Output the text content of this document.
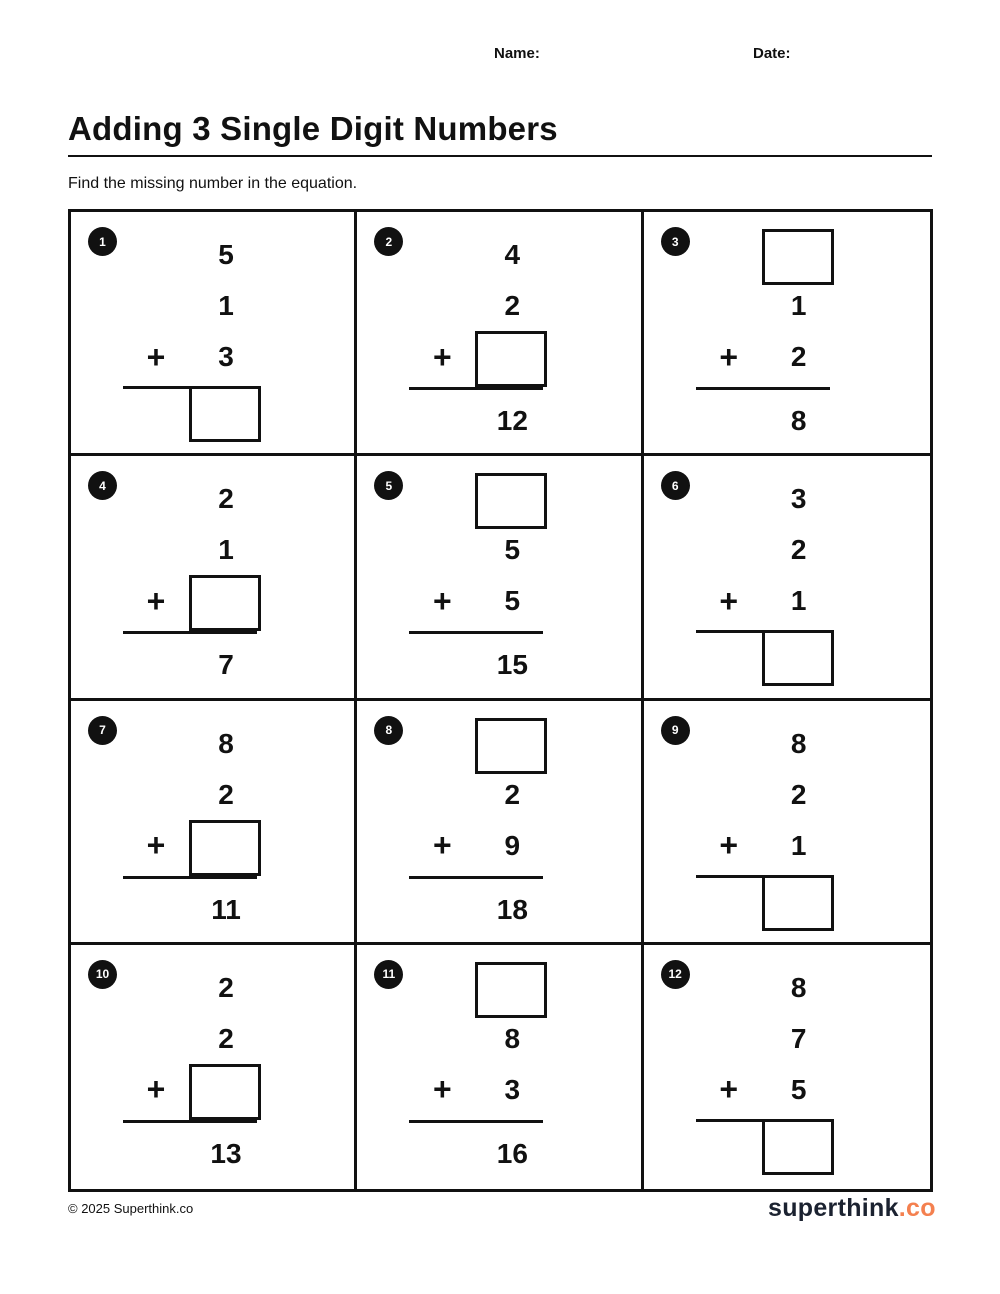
Name:	Date:
Adding 3 Single Digit Numbers
Find the missing number in the equation.
1	5
1
3
+
2	4
2
12
+
3
1
2
8
+
4	2
1
7
+
5
5
5
15
+
6	3
2
1
+
7	8
2
11
+
8
2
9
18
+
9	8
2
1
+
10	2
2
13
+
11
8
3
16
+
12	8
7
5
+
© 2025 Superthink.co	superthink.co
